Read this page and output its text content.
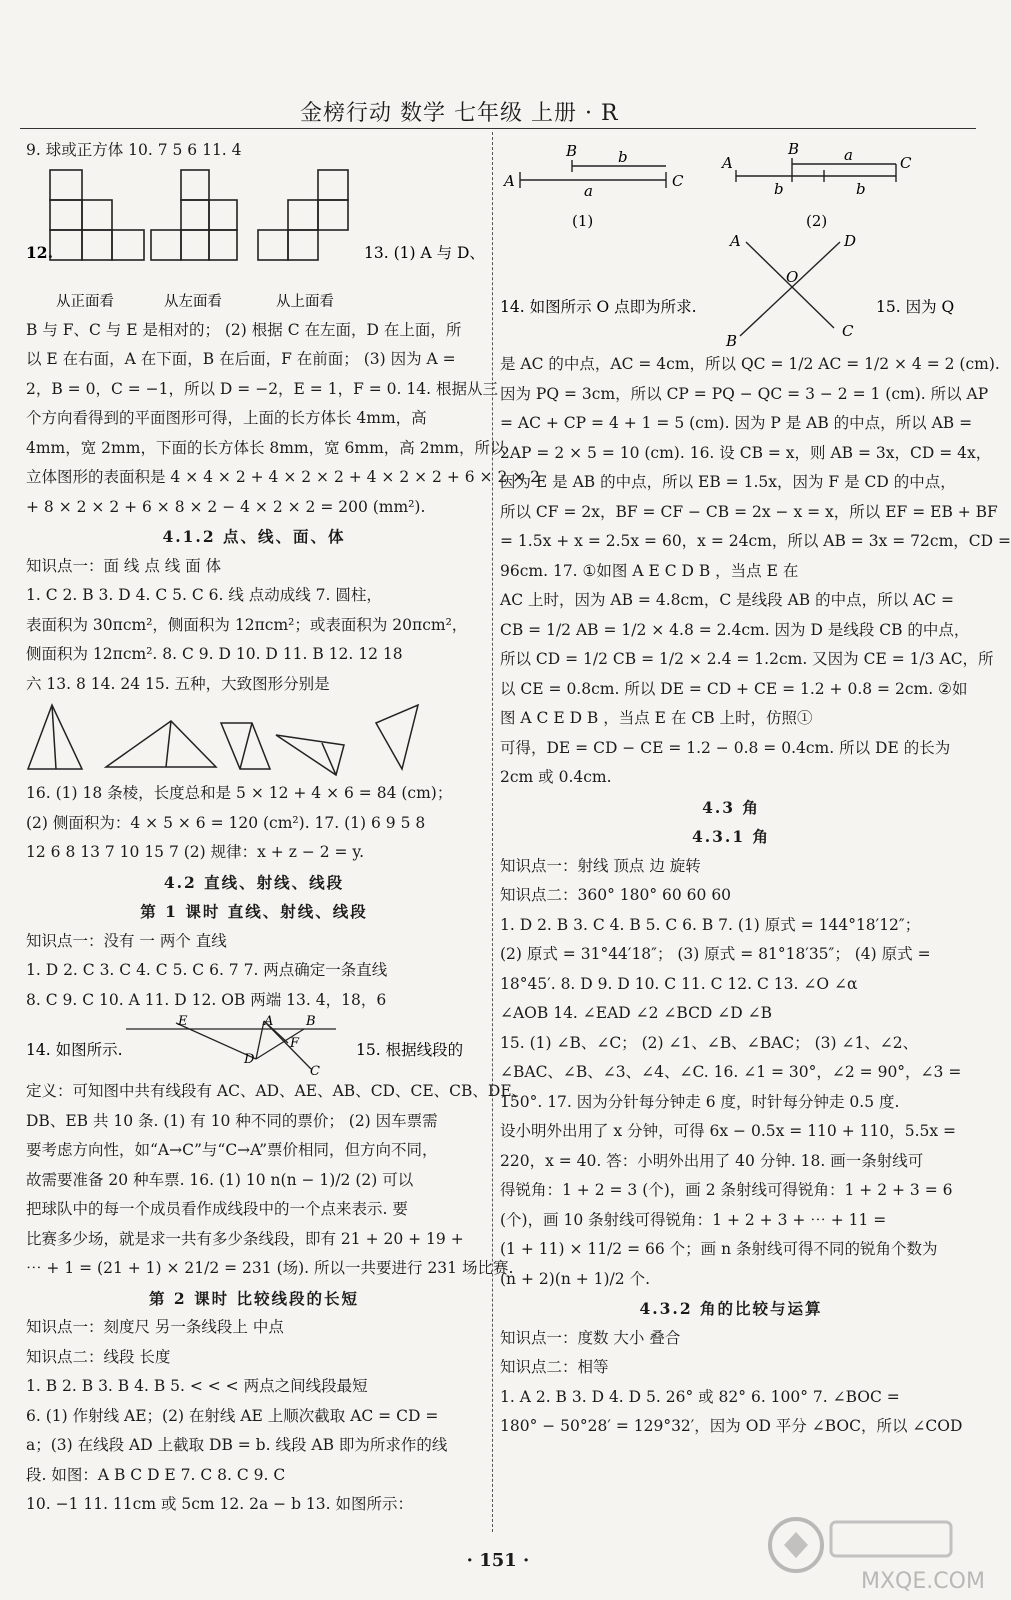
金榜行动 数学 七年级 上册 · R
9. 球或正方体 10. 7 5 6 11. 4
12.	13. (1) A 与 D、
从正面看	从左面看	从上面看
B 与 F、C 与 E 是相对的； (2) 根据 C 在左面，D 在上面，所
以 E 在右面，A 在下面，B 在后面，F 在前面； (3) 因为 A =
2，B = 0，C = −1，所以 D = −2，E = 1，F = 0. 14. 根据从三
个方向看得到的平面图形可得，上面的长方体长 4mm，高
4mm，宽 2mm，下面的长方体长 8mm，宽 6mm，高 2mm，所以
立体图形的表面积是 4 × 4 × 2 + 4 × 2 × 2 + 4 × 2 × 2 + 6 × 2 × 2
+ 8 × 2 × 2 + 6 × 8 × 2 − 4 × 2 × 2 = 200 (mm²).
4.1.2 点、线、面、体
知识点一：面 线 点 线 面 体
1. C 2. B 3. D 4. C 5. C 6. 线 点动成线 7. 圆柱，
表面积为 30πcm²，侧面积为 12πcm²；或表面积为 20πcm²，
侧面积为 12πcm². 8. C 9. D 10. D 11. B 12. 12 18
六 13. 8 14. 24 15. 五种，大致图形分别是
16. (1) 18 条棱，长度总和是 5 × 12 + 4 × 6 = 84 (cm)；
(2) 侧面积为：4 × 5 × 6 = 120 (cm²). 17. (1) 6 9 5 8
12 6 8 13 7 10 15 7 (2) 规律：x + z − 2 = y.
4.2 直线、射线、线段
第 1 课时 直线、射线、线段
知识点一：没有 一 两个 直线
1. D 2. C 3. C 4. C 5. C 6. 7 7. 两点确定一条直线
8. C 9. C 10. A 11. D 12. OB 两端 13. 4，18，6
14. 如图所示.
E	A	B
F
D
C
15. 根据线段的
定义：可知图中共有线段有 AC、AD、AE、AB、CD、CE、CB、DE、
DB、EB 共 10 条. (1) 有 10 种不同的票价； (2) 因车票需
要考虑方向性，如“A→C”与“C→A”票价相同，但方向不同，
故需要准备 20 种车票. 16. (1) 10 n(n − 1)/2 (2) 可以
把球队中的每一个成员看作成线段中的一个点来表示. 要
比赛多少场，就是求一共有多少条线段，即有 21 + 20 + 19 +
⋯ + 1 = (21 + 1) × 21/2 = 231 (场). 所以一共要进行 231 场比赛.
第 2 课时 比较线段的长短
知识点一：刻度尺 另一条线段上 中点
知识点二：线段 长度
1. B 2. B 3. B 4. B 5. < < < 两点之间线段最短
6. (1) 作射线 AE；(2) 在射线 AE 上顺次截取 AC = CD =
a；(3) 在线段 AD 上截取 DB = b. 线段 AB 即为所求作的线
段. 如图：A B C D E 7. C 8. C 9. C
10. −1 11. 11cm 或 5cm 12. 2a − b 13. 如图所示：
A
B	b
a
C
A
B	a	C
b	b
(1)	(2)
A	D
O
B
C
14. 如图所示 O 点即为所求.	15. 因为 Q
是 AC 的中点，AC = 4cm，所以 QC = 1/2 AC = 1/2 × 4 = 2 (cm).
因为 PQ = 3cm，所以 CP = PQ − QC = 3 − 2 = 1 (cm). 所以 AP
= AC + CP = 4 + 1 = 5 (cm). 因为 P 是 AB 的中点，所以 AB =
2AP = 2 × 5 = 10 (cm). 16. 设 CB = x，则 AB = 3x，CD = 4x，
因为 E 是 AB 的中点，所以 EB = 1.5x，因为 F 是 CD 的中点，
所以 CF = 2x，BF = CF − CB = 2x − x = x，所以 EF = EB + BF
= 1.5x + x = 2.5x = 60，x = 24cm，所以 AB = 3x = 72cm，CD =
96cm. 17. ①如图 A E C D B ，当点 E 在
AC 上时，因为 AB = 4.8cm，C 是线段 AB 的中点，所以 AC =
CB = 1/2 AB = 1/2 × 4.8 = 2.4cm. 因为 D 是线段 CB 的中点，
所以 CD = 1/2 CB = 1/2 × 2.4 = 1.2cm. 又因为 CE = 1/3 AC，所
以 CE = 0.8cm. 所以 DE = CD + CE = 1.2 + 0.8 = 2cm. ②如
图 A C E D B ，当点 E 在 CB 上时，仿照①
可得，DE = CD − CE = 1.2 − 0.8 = 0.4cm. 所以 DE 的长为
2cm 或 0.4cm.
4.3 角
4.3.1 角
知识点一：射线 顶点 边 旋转
知识点二：360° 180° 60 60 60
1. D 2. B 3. C 4. B 5. C 6. B 7. (1) 原式 = 144°18′12″；
(2) 原式 = 31°44′18″； (3) 原式 = 81°18′35″； (4) 原式 =
18°45′. 8. D 9. D 10. C 11. C 12. C 13. ∠O ∠α
∠AOB 14. ∠EAD ∠2 ∠BCD ∠D ∠B
15. (1) ∠B、∠C； (2) ∠1、∠B、∠BAC； (3) ∠1、∠2、
∠BAC、∠B、∠3、∠4、∠C. 16. ∠1 = 30°，∠2 = 90°，∠3 =
150°. 17. 因为分针每分钟走 6 度，时针每分钟走 0.5 度.
设小明外出用了 x 分钟，可得 6x − 0.5x = 110 + 110，5.5x =
220，x = 40. 答：小明外出用了 40 分钟. 18. 画一条射线可
得锐角：1 + 2 = 3 (个)，画 2 条射线可得锐角：1 + 2 + 3 = 6
(个)，画 10 条射线可得锐角：1 + 2 + 3 + ⋯ + 11 =
(1 + 11) × 11/2 = 66 个；画 n 条射线可得不同的锐角个数为
(n + 2)(n + 1)/2 个.
4.3.2 角的比较与运算
知识点一：度数 大小 叠合
知识点二：相等
1. A 2. B 3. D 4. D 5. 26° 或 82° 6. 100° 7. ∠BOC =
180° − 50°28′ = 129°32′，因为 OD 平分 ∠BOC，所以 ∠COD
· 151 ·
MXQE.COM
